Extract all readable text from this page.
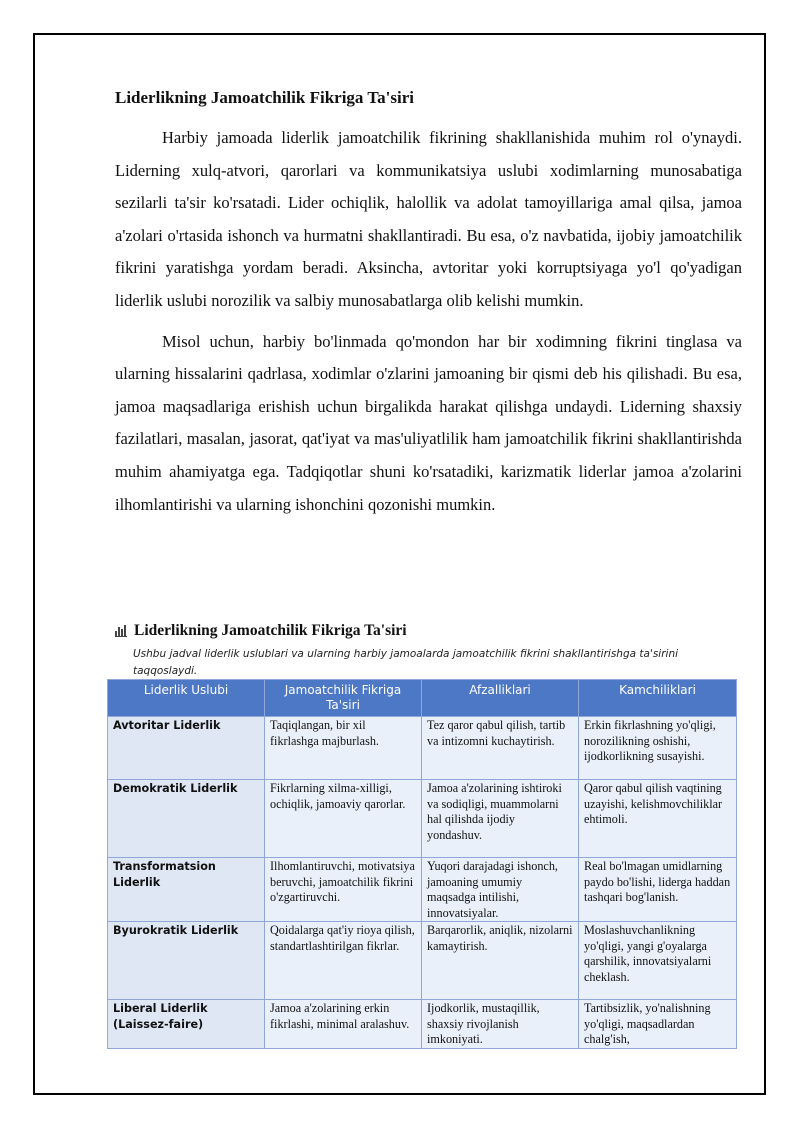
Liderlikning Jamoatchilik Fikriga Ta'siri

Harbiy jamoada liderlik jamoatchilik fikrining shakllanishida muhim rol o'ynaydi. Liderning xulq-atvori, qarorlari va kommunikatsiya uslubi xodimlarning munosabatiga sezilarli ta'sir ko'rsatadi. Lider ochiqlik, halollik va adolat tamoyillariga amal qilsa, jamoa a'zolari o'rtasida ishonch va hurmatni shakllantiradi. Bu esa, o'z navbatida, ijobiy jamoatchilik fikrini yaratishga yordam beradi. Aksincha, avtoritar yoki korruptsiyaga yo'l qo'yadigan liderlik uslubi norozilik va salbiy munosabatlarga olib kelishi mumkin.

Misol uchun, harbiy bo'linmada qo'mondon har bir xodimning fikrini tinglasa va ularning hissalarini qadrlasa, xodimlar o'zlarini jamoaning bir qismi deb his qilishadi. Bu esa, jamoa maqsadlariga erishish uchun birgalikda harakat qilishga undaydi. Liderning shaxsiy fazilatlari, masalan, jasorat, qat'iyat va mas'uliyatlilik ham jamoatchilik fikrini shakllantirishda muhim ahamiyatga ega. Tadqiqotlar shuni ko'rsatadiki, karizmatik liderlar jamoa a'zolarini ilhomlantirishi va ularning ishonchini qozonishi mumkin.

Liderlikning Jamoatchilik Fikriga Ta'siri
Ushbu jadval liderlik uslublari va ularning harbiy jamoalarda jamoatchilik fikrini shakllantirishga ta'sirini taqqoslaydi.
Liderlik Uslubi	Jamoatchilik Fikriga Ta'siri	Afzalliklari	Kamchiliklari
Avtoritar Liderlik	Taqiqlangan, bir xil fikrlashga majburlash.	Tez qaror qabul qilish, tartib va intizomni kuchaytirish.	Erkin fikrlashning yo'qligi, norozilikning oshishi, ijodkorlikning susayishi.
Demokratik Liderlik	Fikrlarning xilma-xilligi, ochiqlik, jamoaviy qarorlar.	Jamoa a'zolarining ishtiroki va sodiqligi, muammolarni hal qilishda ijodiy yondashuv.	Qaror qabul qilish vaqtining uzayishi, kelishmovchiliklar ehtimoli.
Transformatsion Liderlik	Ilhomlantiruvchi, motivatsiya beruvchi, jamoatchilik fikrini o'zgartiruvchi.	Yuqori darajadagi ishonch, jamoaning umumiy maqsadga intilishi, innovatsiyalar.	Real bo'lmagan umidlarning paydo bo'lishi, liderga haddan tashqari bog'lanish.
Byurokratik Liderlik	Qoidalarga qat'iy rioya qilish, standartlashtirilgan fikrlar.	Barqarorlik, aniqlik, nizolarni kamaytirish.	Moslashuvchanlikning yo'qligi, yangi g'oyalarga qarshilik, innovatsiyalarni cheklash.
Liberal Liderlik (Laissez-faire)	Jamoa a'zolarining erkin fikrlashi, minimal aralashuv.	Ijodkorlik, mustaqillik, shaxsiy rivojlanish imkoniyati.	Tartibsizlik, yo'nalishning yo'qligi, maqsadlardan chalg'ish,
